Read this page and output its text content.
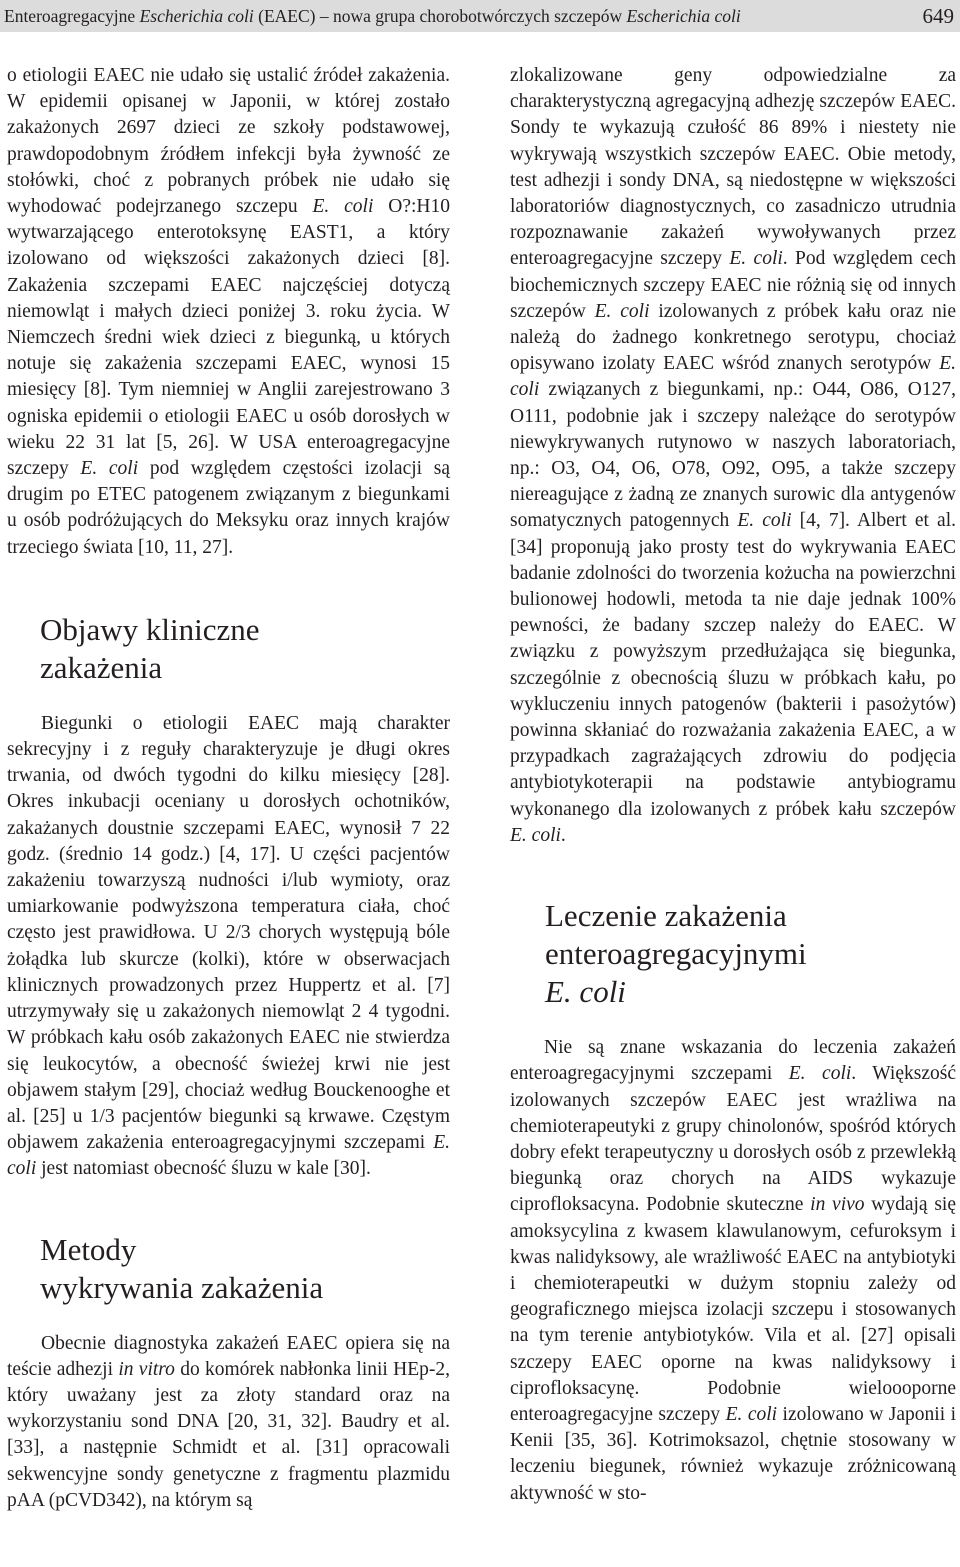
Enteroagregacyjne Escherichia coli (EAEC) – nowa grupa chorobotwórczych szczepów Escherichia coli	649

o etiologii EAEC nie udało się ustalić źródeł zakażenia. W epidemii opisanej w Japonii, w której zostało zakażonych 2697 dzieci ze szkoły podstawowej, prawdopodobnym źródłem infekcji była żywność ze stołówki, choć z pobranych próbek nie udało się wyhodować podejrzanego szczepu E. coli O?:H10 wytwarzającego enterotoksynę EAST1, a który izolowano od większości zakażonych dzieci [8]. Zakażenia szczepami EAEC najczęściej dotyczą niemowląt i małych dzieci poniżej 3. roku życia. W Niemczech średni wiek dzieci z biegunką, u których notuje się zakażenia szczepami EAEC, wynosi 15 miesięcy [8]. Tym niemniej w Anglii zarejestrowano 3 ogniska epidemii o etiologii EAEC u osób dorosłych w wieku 22 31 lat [5, 26]. W USA enteroagregacyjne szczepy E. coli pod względem częstości izolacji są drugim po ETEC patogenem związanym z biegunkami u osób podróżujących do Meksyku oraz innych krajów trzeciego świata [10, 11, 27].

Objawy kliniczne
zakażenia

Biegunki o etiologii EAEC mają charakter sekrecyjny i z reguły charakteryzuje je długi okres trwania, od dwóch tygodni do kilku miesięcy [28]. Okres inkubacji oceniany u dorosłych ochotników, zakażanych doustnie szczepami EAEC, wynosił 7 22 godz. (średnio 14 godz.) [4, 17]. U części pacjentów zakażeniu towarzyszą nudności i/lub wymioty, oraz umiarkowanie podwyższona temperatura ciała, choć często jest prawidłowa. U 2/3 chorych występują bóle żołądka lub skurcze (kolki), które w obserwacjach klinicznych prowadzonych przez Huppertz et al. [7] utrzymywały się u zakażonych niemowląt 2 4 tygodni. W próbkach kału osób zakażonych EAEC nie stwierdza się leukocytów, a obecność świeżej krwi nie jest objawem stałym [29], chociaż według Bouckenooghe et al. [25] u 1/3 pacjentów biegunki są krwawe. Częstym objawem zakażenia enteroagregacyjnymi szczepami E. coli jest natomiast obecność śluzu w kale [30].

Metody
wykrywania zakażenia

Obecnie diagnostyka zakażeń EAEC opiera się na teście adhezji in vitro do komórek nabłonka linii HEp-2, który uważany jest za złoty standard oraz na wykorzystaniu sond DNA [20, 31, 32]. Baudry et al. [33], a następnie Schmidt et al. [31] opracowali sekwencyjne sondy genetyczne z fragmentu plazmidu pAA (pCVD342), na którym są

zlokalizowane geny odpowiedzialne za charakterystyczną agregacyjną adhezję szczepów EAEC. Sondy te wykazują czułość 86 89% i niestety nie wykrywają wszystkich szczepów EAEC. Obie metody, test adhezji i sondy DNA, są niedostępne w większości laboratoriów diagnostycznych, co zasadniczo utrudnia rozpoznawanie zakażeń wywoływanych przez enteroagregacyjne szczepy E. coli. Pod względem cech biochemicznych szczepy EAEC nie różnią się od innych szczepów E. coli izolowanych z próbek kału oraz nie należą do żadnego konkretnego serotypu, chociaż opisywano izolaty EAEC wśród znanych serotypów E. coli związanych z biegunkami, np.: O44, O86, O127, O111, podobnie jak i szczepy należące do serotypów niewykrywanych rutynowo w naszych laboratoriach, np.: O3, O4, O6, O78, O92, O95, a także szczepy niereagujące z żadną ze znanych surowic dla antygenów somatycznych patogennych E. coli [4, 7]. Albert et al. [34] proponują jako prosty test do wykrywania EAEC badanie zdolności do tworzenia kożucha na powierzchni bulionowej hodowli, metoda ta nie daje jednak 100% pewności, że badany szczep należy do EAEC. W związku z powyższym przedłużająca się biegunka, szczególnie z obecnością śluzu w próbkach kału, po wykluczeniu innych patogenów (bakterii i pasożytów) powinna skłaniać do rozważania zakażenia EAEC, a w przypadkach zagrażających zdrowiu do podjęcia antybiotykoterapii na podstawie antybiogramu wykonanego dla izolowanych z próbek kału szczepów E. coli.

Leczenie zakażenia
enteroagregacyjnymi
E. coli

Nie są znane wskazania do leczenia zakażeń enteroagregacyjnymi szczepami E. coli. Większość izolowanych szczepów EAEC jest wrażliwa na chemioterapeutyki z grupy chinolonów, spośród których dobry efekt terapeutyczny u dorosłych osób z przewlekłą biegunką oraz chorych na AIDS wykazuje ciprofloksacyna. Podobnie skuteczne in vivo wydają się amoksycylina z kwasem klawulanowym, cefuroksym i kwas nalidyksowy, ale wrażliwość EAEC na antybiotyki i chemioterapeutki w dużym stopniu zależy od geograficznego miejsca izolacji szczepu i stosowanych na tym terenie antybiotyków. Vila et al. [27] opisali szczepy EAEC oporne na kwas nalidyksowy i ciprofloksacynę. Podobnie wieloooporne enteroagregacyjne szczepy E. coli izolowano w Japonii i Kenii [35, 36]. Kotrimoksazol, chętnie stosowany w leczeniu biegunek, również wykazuje zróżnicowaną aktywność w sto-
